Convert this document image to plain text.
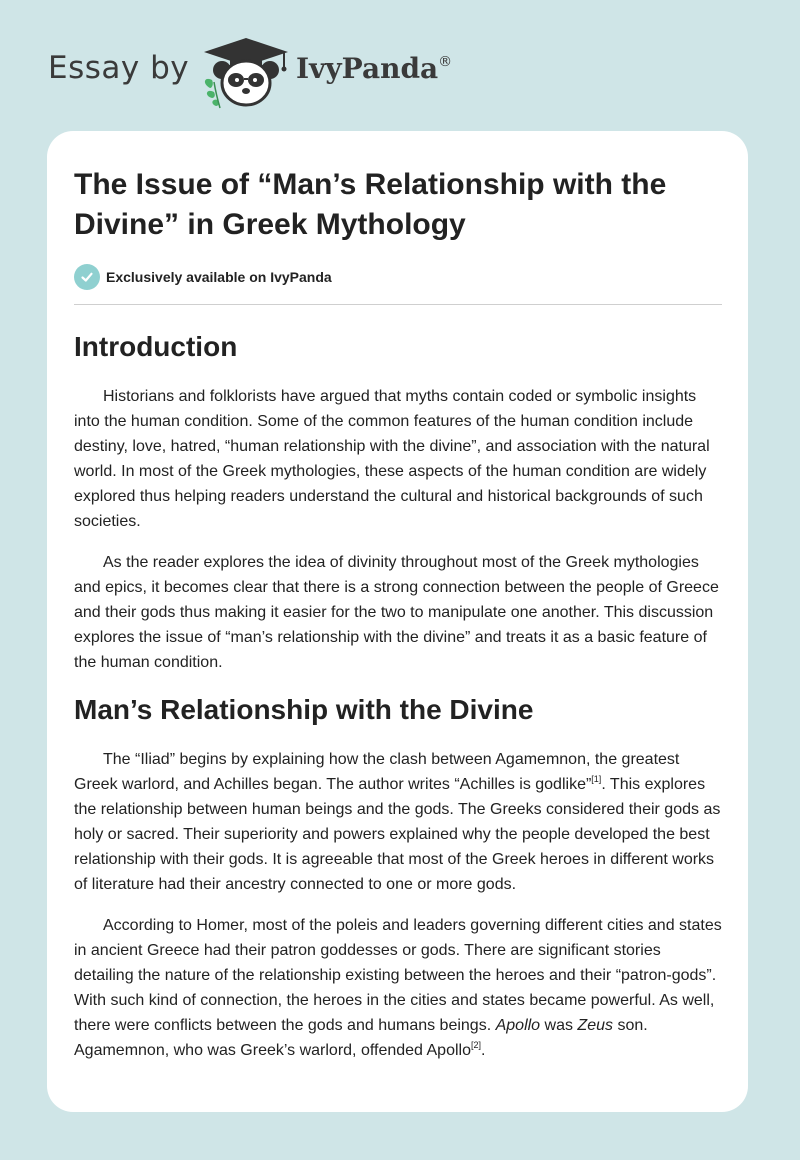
Essay by	IvyPanda®
The Issue of “Man’s Relationship with the Divine” in Greek Mythology
Exclusively available on IvyPanda
Introduction

Historians and folklorists have argued that myths contain coded or symbolic insights into the human condition. Some of the common features of the human condition include destiny, love, hatred, “human relationship with the divine”, and association with the natural world. In most of the Greek mythologies, these aspects of the human condition are widely explored thus helping readers understand the cultural and historical backgrounds of such societies.

As the reader explores the idea of divinity throughout most of the Greek mythologies and epics, it becomes clear that there is a strong connection between the people of Greece and their gods thus making it easier for the two to manipulate one another. This discussion explores the issue of “man’s relationship with the divine” and treats it as a basic feature of the human condition.

Man’s Relationship with the Divine

The “Iliad” begins by explaining how the clash between Agamemnon, the greatest Greek warlord, and Achilles began. The author writes “Achilles is godlike”[1]. This explores the relationship between human beings and the gods. The Greeks considered their gods as holy or sacred. Their superiority and powers explained why the people developed the best relationship with their gods. It is agreeable that most of the Greek heroes in different works of literature had their ancestry connected to one or more gods.

According to Homer, most of the poleis and leaders governing different cities and states in ancient Greece had their patron goddesses or gods. There are significant stories detailing the nature of the relationship existing between the heroes and their “patron-gods”. With such kind of connection, the heroes in the cities and states became powerful. As well, there were conflicts between the gods and humans beings. Apollo was Zeus son. Agamemnon, who was Greek’s warlord, offended Apollo[2].
